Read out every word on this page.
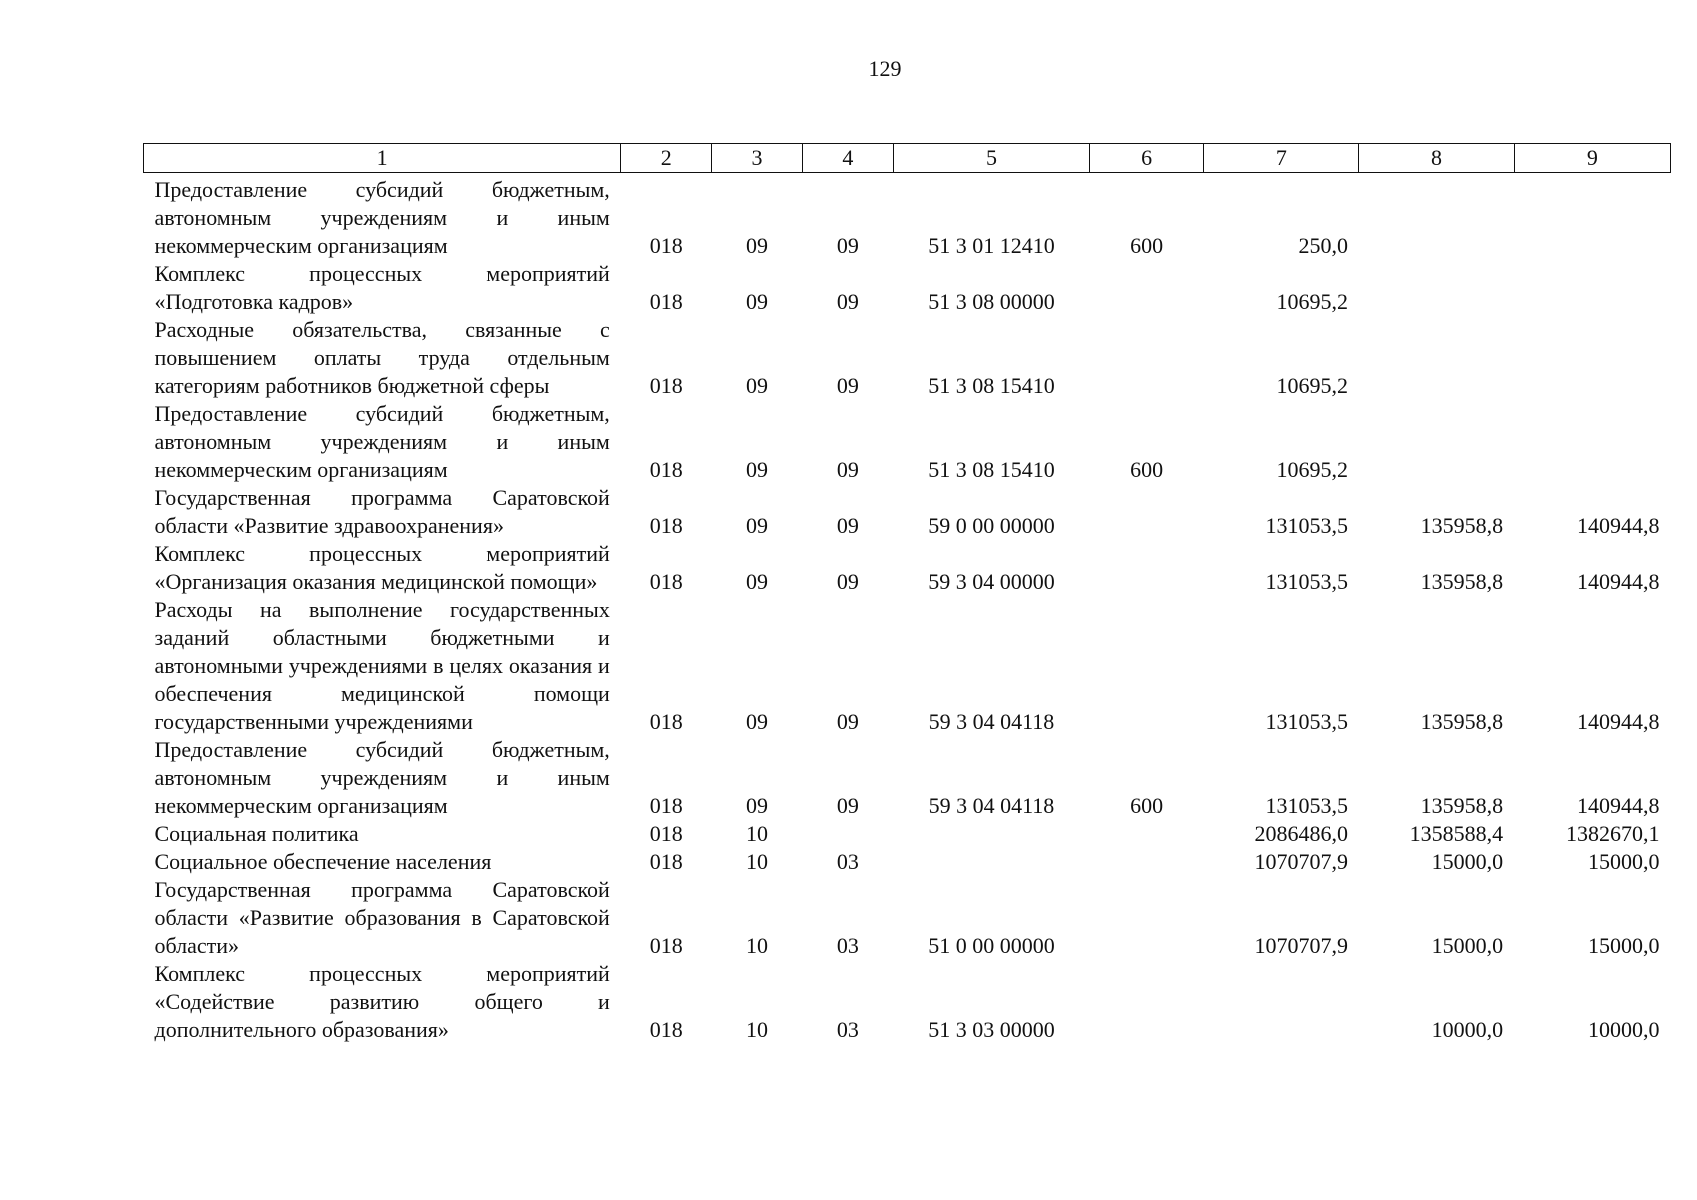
129
1	2	3	4	5	6	7	8	9
Предоставление субсидий бюджетным, автономным учреждениям и иным некоммерческим организациям	018	09	09	51 3 01 12410	600	250,0		
Комплекс процессных мероприятий «Подготовка кадров»	018	09	09	51 3 08 00000		10695,2		
Расходные обязательства, связанные с повышением оплаты труда отдельным категориям работников бюджетной сферы	018	09	09	51 3 08 15410		10695,2		
Предоставление субсидий бюджетным, автономным учреждениям и иным некоммерческим организациям	018	09	09	51 3 08 15410	600	10695,2		
Государственная программа Саратовской области «Развитие здравоохранения»	018	09	09	59 0 00 00000		131053,5	135958,8	140944,8
Комплекс процессных мероприятий «Организация оказания медицинской помощи»	018	09	09	59 3 04 00000		131053,5	135958,8	140944,8
Расходы на выполнение государственных заданий областными бюджетными и автономными учреждениями в целях оказания и обеспечения медицинской помощи государственными учреждениями	018	09	09	59 3 04 04118		131053,5	135958,8	140944,8
Предоставление субсидий бюджетным, автономным учреждениям и иным некоммерческим организациям	018	09	09	59 3 04 04118	600	131053,5	135958,8	140944,8
Социальная политика	018	10				2086486,0	1358588,4	1382670,1
Социальное обеспечение населения	018	10	03			1070707,9	15000,0	15000,0
Государственная программа Саратовской области «Развитие образования в Саратовской области»	018	10	03	51 0 00 00000		1070707,9	15000,0	15000,0
Комплекс процессных мероприятий «Содействие развитию общего и дополнительного образования»	018	10	03	51 3 03 00000			10000,0	10000,0
